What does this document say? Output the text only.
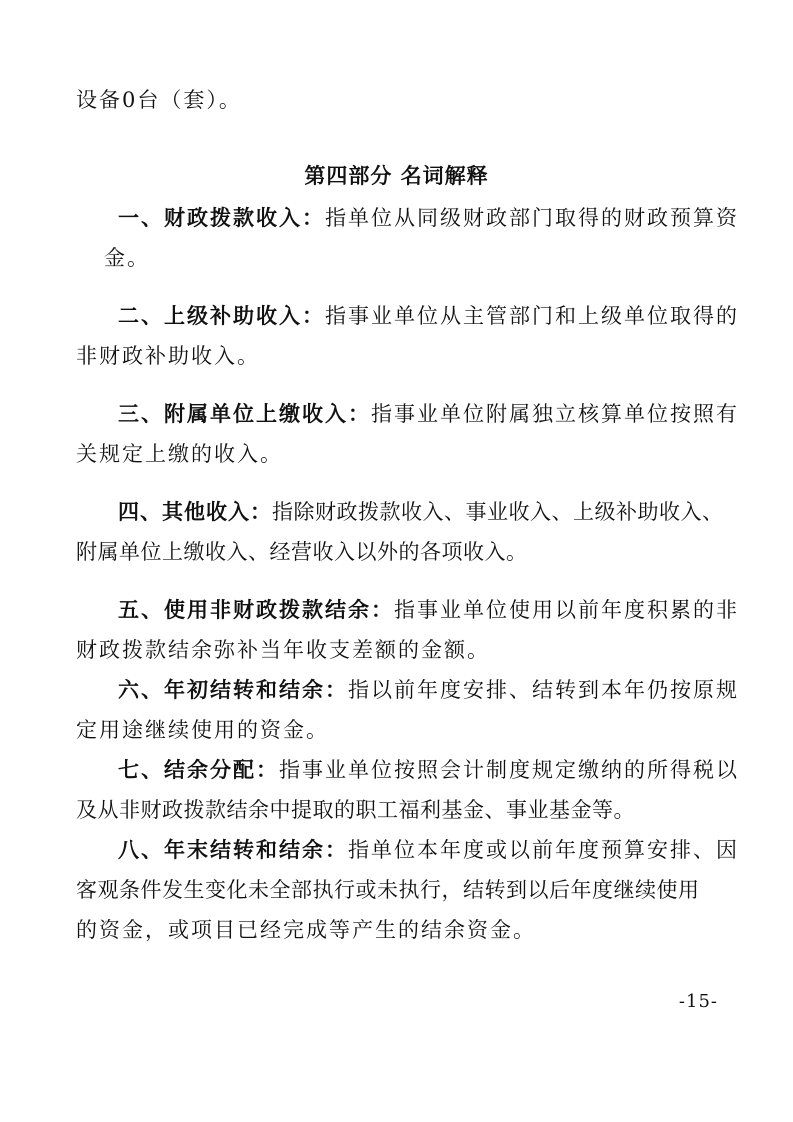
设备0台（套）。
第四部分 名词解释
一、财政拨款收入：指单位从同级财政部门取得的财政预算资
金。
二、上级补助收入：指事业单位从主管部门和上级单位取得的
非财政补助收入。
三、附属单位上缴收入：指事业单位附属独立核算单位按照有
关规定上缴的收入。
四、其他收入：指除财政拨款收入、事业收入、上级补助收入、
附属单位上缴收入、经营收入以外的各项收入。
五、使用非财政拨款结余：指事业单位使用以前年度积累的非
财政拨款结余弥补当年收支差额的金额。
六、年初结转和结余：指以前年度安排、结转到本年仍按原规
定用途继续使用的资金。
七、结余分配：指事业单位按照会计制度规定缴纳的所得税以
及从非财政拨款结余中提取的职工福利基金、事业基金等。
八、年末结转和结余：指单位本年度或以前年度预算安排、因
客观条件发生变化未全部执行或未执行，结转到以后年度继续使用
的资金，或项目已经完成等产生的结余资金。
-15-
